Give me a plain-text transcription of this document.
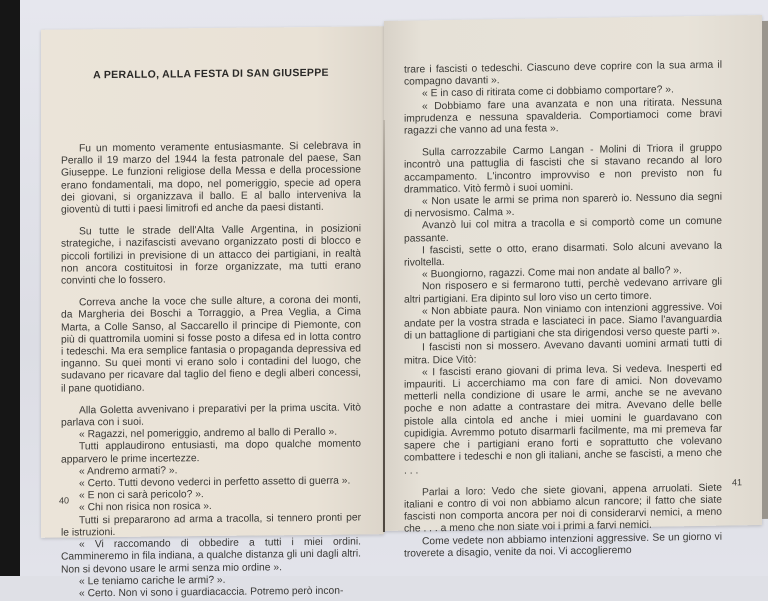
A PERALLO, ALLA FESTA DI SAN GIUSEPPE

Fu un momento veramente entusiasmante. Si celebrava in Perallo il 19 marzo del 1944 la festa patronale del paese, San Giuseppe. Le funzioni religiose della Messa e della processione erano fondamentali, ma dopo, nel pomeriggio, specie ad opera dei giovani, si organizzava il ballo. E al ballo interveniva la gioventù di tutti i paesi limitrofi ed anche da paesi distanti.

Su tutte le strade dell'Alta Valle Argentina, in posizioni strategiche, i nazifascisti avevano organizzato posti di blocco e piccoli fortilizi in previsione di un attacco dei partigiani, in realtà non ancora costituitosi in forze organizzate, ma tutti erano convinti che lo fossero.

Correva anche la voce che sulle alture, a corona dei monti, da Margheria dei Boschi a Torraggio, a Prea Veglia, a Cima Marta, a Colle Sanso, al Saccarello il principe di Piemonte, con più di quattromila uomini si fosse posto a difesa ed in lotta contro i tedeschi. Ma era semplice fantasia o propaganda depressiva ed inganno. Su quei monti vi erano solo i contadini del luogo, che sudavano per ricavare dal taglio del fieno e degli alberi concessi, il pane quotidiano.

Alla Goletta avvenivano i preparativi per la prima uscita. Vitò parlava con i suoi.

« Ragazzi, nel pomeriggio, andremo al ballo di Perallo ».

Tutti applaudirono entusiasti, ma dopo qualche momento apparvero le prime incertezze.

« Andremo armati? ».

« Certo. Tutti devono vederci in perfetto assetto di guerra ».

« E non ci sarà pericolo? ».

« Chi non risica non rosica ».

Tutti si prepararono ad arma a tracolla, si tennero pronti per le istruzioni.

« Vi raccomando di obbedire a tutti i miei ordini. Cammineremo in fila indiana, a qualche distanza gli uni dagli altri. Non si devono usare le armi senza mio ordine ».

« Le teniamo cariche le armi? ».

« Certo. Non vi sono i guardiacaccia. Potremo però incon-

40

trare i fascisti o tedeschi. Ciascuno deve coprire con la sua arma il compagno davanti ».

« E in caso di ritirata come ci dobbiamo comportare? ».

« Dobbiamo fare una avanzata e non una ritirata. Nessuna imprudenza e nessuna spavalderia. Comportiamoci come bravi ragazzi che vanno ad una festa ».

Sulla carrozzabile Carmo Langan - Molini di Triora il gruppo incontrò una pattuglia di fascisti che si stavano recando al loro accampamento. L'incontro improvviso e non previsto non fu drammatico. Vitò fermò i suoi uomini.

« Non usate le armi se prima non sparerò io. Nessuno dia segni di nervosismo. Calma ».

Avanzò lui col mitra a tracolla e si comportò come un comune passante.

I fascisti, sette o otto, erano disarmati. Solo alcuni avevano la rivoltella.

« Buongiorno, ragazzi. Come mai non andate al ballo? ».

Non risposero e si fermarono tutti, perchè vedevano arrivare gli altri partigiani. Era dipinto sul loro viso un certo timore.

« Non abbiate paura. Non viniamo con intenzioni aggressive. Voi andate per la vostra strada e lasciateci in pace. Siamo l'avanguardia di un battaglione di partigiani che sta dirigendosi verso queste parti ».

I fascisti non si mossero. Avevano davanti uomini armati tutti di mitra. Dice Vitò:

« I fascisti erano giovani di prima leva. Si vedeva. Inesperti ed impauriti. Li accerchiamo ma con fare di amici. Non dovevamo metterli nella condizione di usare le armi, anche se ne avevano poche e non adatte a contrastare dei mitra. Avevano delle belle pistole alla cintola ed anche i miei uomini le guardavano con cupidigia. Avremmo potuto disarmarli facilmente, ma mi premeva far sapere che i partigiani erano forti e soprattutto che volevano combattere i tedeschi e non gli italiani, anche se fascisti, a meno che . . .

Parlai a loro: Vedo che siete giovani, appena arruolati. Siete italiani e contro di voi non abbiamo alcun rancore; il fatto che siate fascisti non comporta ancora per noi di considerarvi nemici, a meno che . . . a meno che non siate voi i primi a farvi nemici.

Come vedete non abbiamo intenzioni aggressive. Se un giorno vi troverete a disagio, venite da noi. Vi accoglieremo

41
